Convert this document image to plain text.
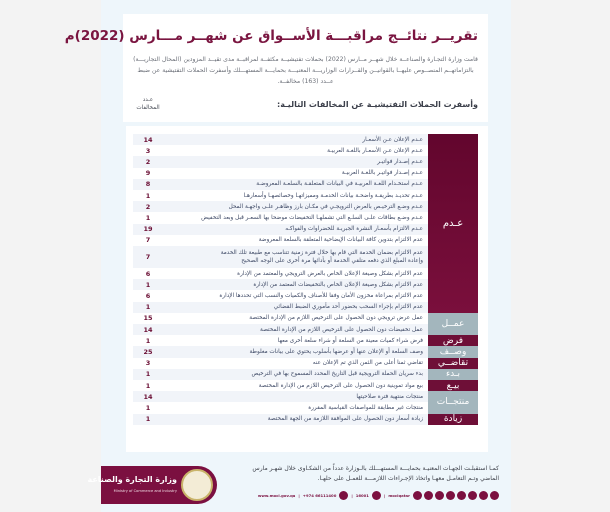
تقريــر نتائــج مراقبـــة الأســواق عن شهــر مـــارس (2022)م
قامت وزارة التجـارة والصناعــة خلال شهــر مــارس (2022) بحملات تفتيشيــة مكثفــة لمراقبــة مدى تقيــد المزودين (المحال التجاريـــة) بالتزاماتهــم المنصــوص عليهــا بالقوانيــن والقــرارات الوزاريـــة المعنيـــة بحمايـــة المستهـــلك وأسفرت الحملات التفتيشية عن ضبط عــدد (163) مخالفــة.
وأسفرت الحملات التفتيشيـة عن المخالفات التاليـة:
عـدد
المخالفات
عـدم الإعلان عـن الأسعـار
14
عـدم الإعلان عـن الأسعـار باللغـة العربيـة
3
عـدم إصـدار فواتيـر
2
عـدم إصـدار فواتيـر باللغـة العربيـة
9
عـدم استخـدام اللغـة العربيـة في البيانات المتعلقـة بالسلعـة المعروضـة
8
عـدم تحديـد بطريقـة واضحـة بيانات الخدمـة ومميزاتهـا وخصائصهـا وأسعارهـا
1
عـدم وضـع الترخيـص بالعرض الترويجـي في مكـان بارز وظاهـر علـى واجهـة المحل
2
عـدم وضـع بطاقات علـى السلـع التي تشملهـا التخفيضات موضحا بها السعـر قبل وبعد التخفيض
1
عـدم الالتزام بأسعـار النشرة الجبريـة للخضراوات والفواكـه
19
عدم الالتزام بتدوين كافة البيانات الإيضاحية المتعلقة بالسلعة المعروضة
7
عدم الالتزام بضمان الخدمة التي قام بها خلال فترة زمنية تتناسب مع طبيعة تلك الخدمة
وإعادة المبلغ الذي دفعه متلقي الخدمة أو بأدائها مرة أخرى على الوجه الصحيح
7
عدم الالتزام بشكل وصيغة الإعلان الخاص بالعرض الترويجي والمعتمد من الإدارة
6
عدم الالتزام بشكل وصيغة الإعلان الخاص بالتخفيضات المعتمد من الإدارة
1
عدم الالتزام بمراعاة مخزون الأمان وفقا للأصناف والكميات والنسب التي تحددها الإدارة
6
عدم الالتزام بإجراء السحب بحضور أحد مأموري الضبط القضائي
1
عمل عرض ترويجي دون الحصول على الترخيص اللازم من الإدارة المختصة
15
عمل تخفيضات دون الحصول على الترخيص اللازم من الإدارة المختصة
14
فرض شراء كميات معينة من السلعة أو شراء سلعة أخرى معها
1
وصف السلعة أو الإعلان عنها أو عرضها بأسلوب يحتوي على بيانات مغلوطة
25
تقاضي ثمنا أعلى من الثمن الذي تم الإعلان عنه
3
بدء سريان الحملة الترويجية قبل التاريخ المحدد المسموح بها في الترخيص
1
بيع مواد تموينية دون الحصول على الترخيص اللازم من الإدارة المختصة
1
منتجات منتهية فترة صلاحيتها
14
منتجات غير مطابقة للمواصفات القياسية المقررة
1
زيادة أسعار دون الحصول على الموافقة اللازمة من الجهة المختصة
1
عـدم
عمــل
فرض
وصــف
تقاضــي
بـدء
بيـع
منتجــات
زيادة
وزارة التجارة والصناعة
Ministry of Commerce and Industry
كمـا استقبلـت الجهـات المعنيـة بحمايـــة المستهـــلك بالـوزارة عدداً من الشكـاوى خلال شهـر مارس الماضي وتـم التعامـل معهـا واتخاذ الإجـراءات اللازمـــة للعمـل على حلهـا.
www.moci.gov.qa | +974 66111400	| 16001	| mociqatar
